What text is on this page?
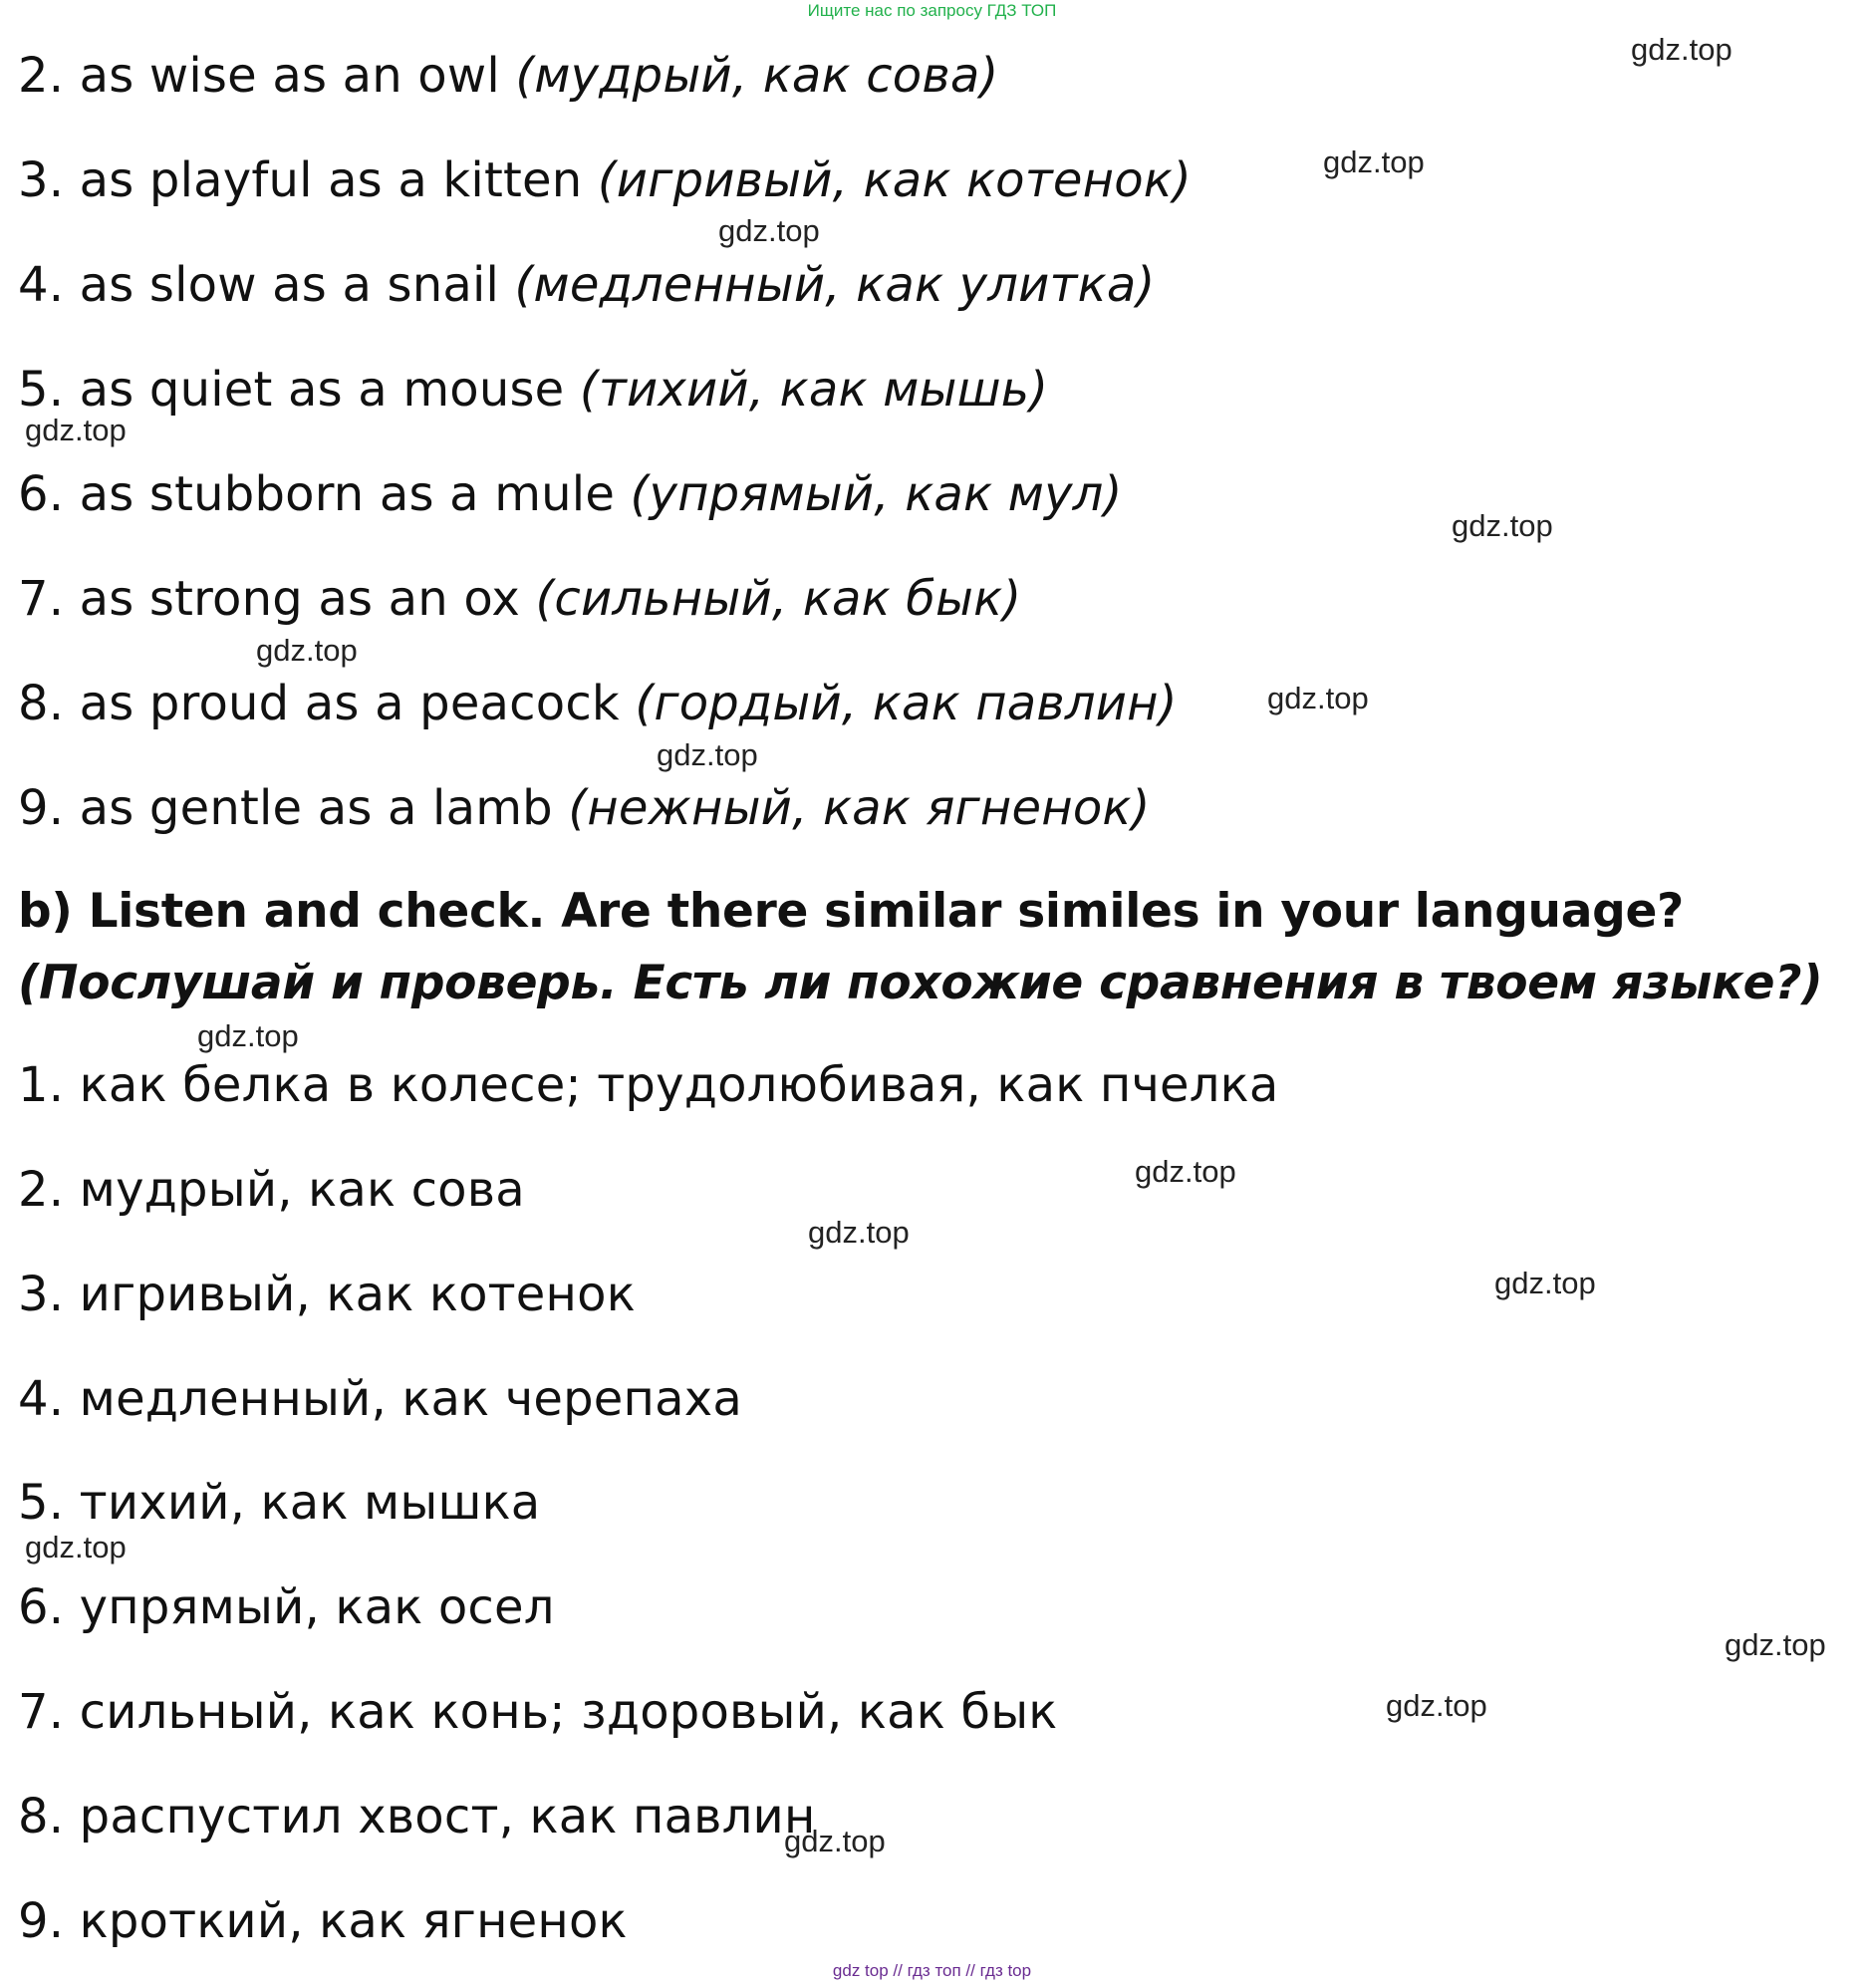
Ищите нас по запросу ГДЗ ТОП
2. as wise as an owl (мудрый, как сова)
3. as playful as a kitten (игривый, как котенок)
4. as slow as a snail (медленный, как улитка)
5. as quiet as a mouse (тихий, как мышь)
6. as stubborn as a mule (упрямый, как мул)
7. as strong as an ox (сильный, как бык)
8. as proud as a peacock (гордый, как павлин)
9. as gentle as a lamb (нежный, как ягненок)
b) Listen and check. Are there similar similes in your language? (Послушай и проверь. Есть ли похожие сравнения в твоем языке?)
1. как белка в колесе; трудолюбивая, как пчелка
2. мудрый, как сова
3. игривый, как котенок
4. медленный, как черепаха
5. тихий, как мышка
6. упрямый, как осел
7. сильный, как конь; здоровый, как бык
8. распустил хвост, как павлин
9. кроткий, как ягненок
gdz.top
gdz.top
gdz.top
gdz.top
gdz.top
gdz.top
gdz.top
gdz.top
gdz.top
gdz.top
gdz.top
gdz.top
gdz.top
gdz.top
gdz.top
gdz.top
gdz top // гдз топ // гдз top
